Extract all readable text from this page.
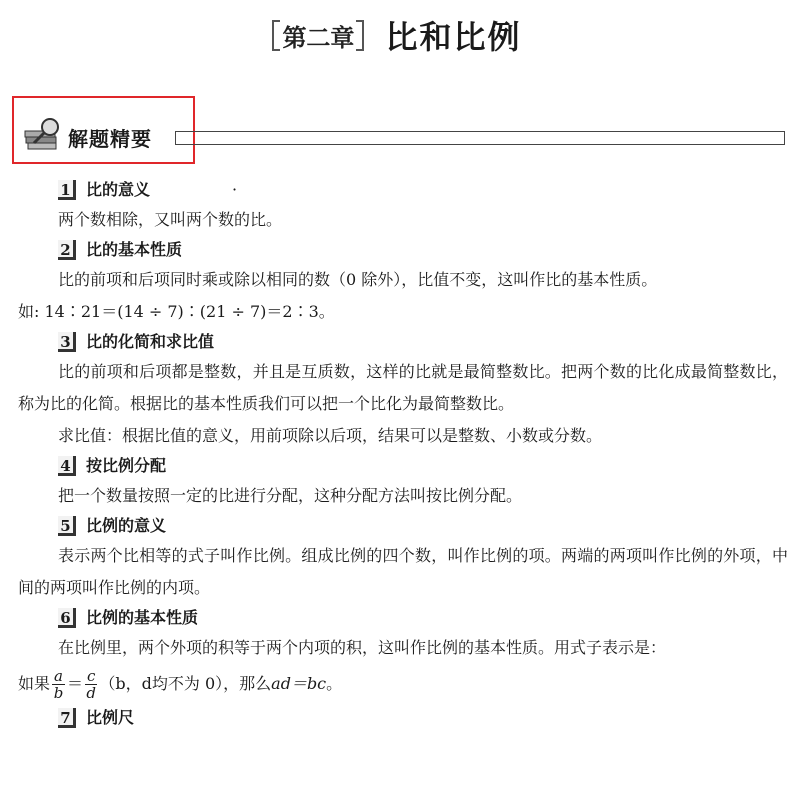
第二章 比和比例
解题精要
·
1 比的意义

两个数相除，又叫两个数的比。

2 比的基本性质

比的前项和后项同时乘或除以相同的数（0 除外），比值不变，这叫作比的基本性质。

如: 14∶21＝(14 ÷ 7)∶(21 ÷ 7)＝2∶3。

3 比的化简和求比值

比的前项和后项都是整数，并且是互质数，这样的比就是最简整数比。把两个数的比化成最简整数比，称为比的化简。根据比的基本性质我们可以把一个比化为最简整数比。

求比值：根据比值的意义，用前项除以后项，结果可以是整数、小数或分数。

4 按比例分配

把一个数量按照一定的比进行分配，这种分配方法叫按比例分配。

5 比例的意义

表示两个比相等的式子叫作比例。组成比例的四个数，叫作比例的项。两端的两项叫作比例的外项，中间的两项叫作比例的内项。

6 比例的基本性质

在比例里，两个外项的积等于两个内项的积，这叫作比例的基本性质。用式子表示是：

如果 $\frac{a}{b} = \frac{c}{d} (b$，d均不为 0），那么 ad＝bc 。
7 比例尺
